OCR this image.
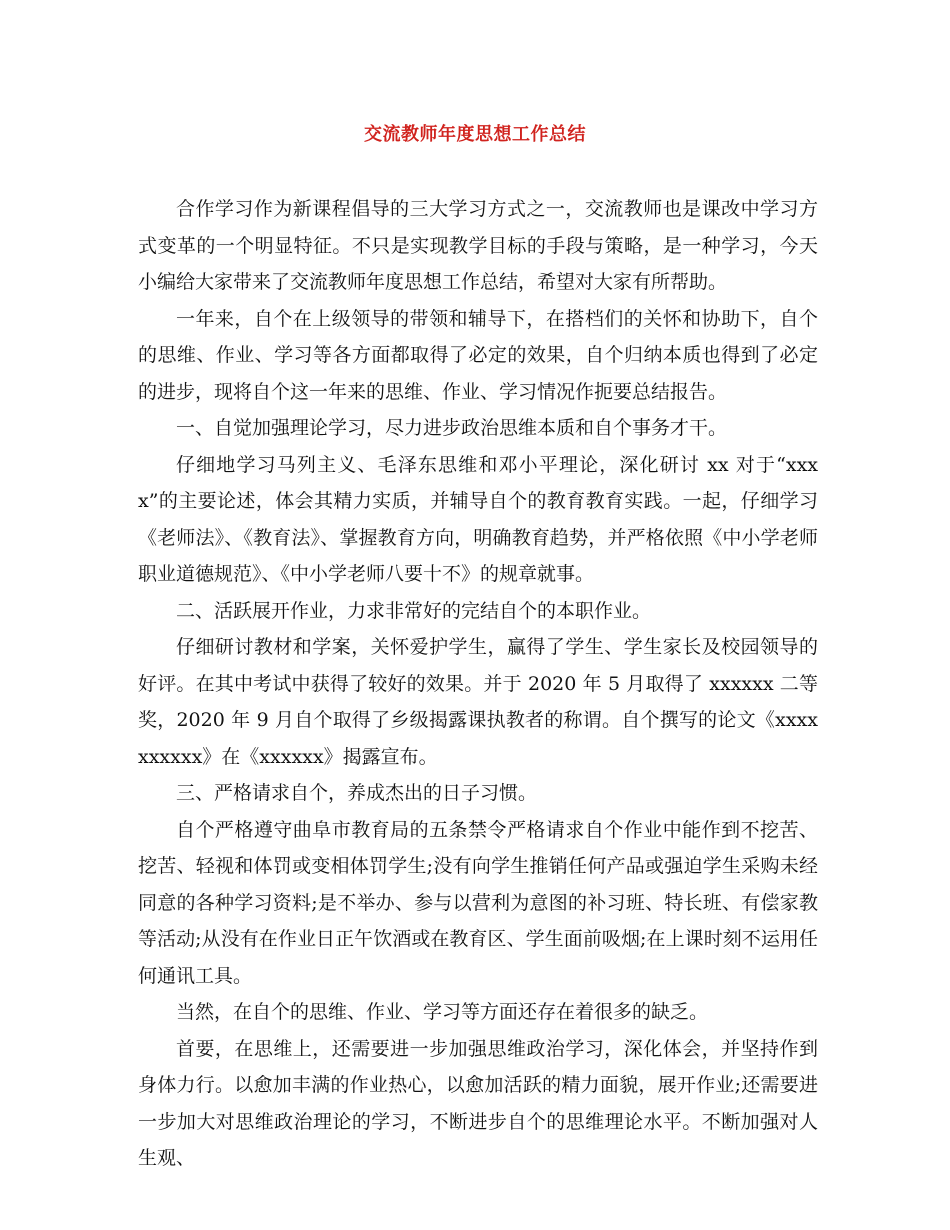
交流教师年度思想工作总结

合作学习作为新课程倡导的三大学习方式之一，交流教师也是课改中学习方式变革的一个明显特征。不只是实现教学目标的手段与策略，是一种学习，今天小编给大家带来了交流教师年度思想工作总结，希望对大家有所帮助。

一年来，自个在上级领导的带领和辅导下，在搭档们的关怀和协助下，自个的思维、作业、学习等各方面都取得了必定的效果，自个归纳本质也得到了必定的进步，现将自个这一年来的思维、作业、学习情况作扼要总结报告。

一、自觉加强理论学习，尽力进步政治思维本质和自个事务才干。

仔细地学习马列主义、毛泽东思维和邓小平理论，深化研讨 xx 对于“xxxx”的主要论述，体会其精力实质，并辅导自个的教育教育实践。一起，仔细学习《老师法》、《教育法》、掌握教育方向，明确教育趋势，并严格依照《中小学老师职业道德规范》、《中小学老师八要十不》的规章就事。

二、活跃展开作业，力求非常好的完结自个的本职作业。

仔细研讨教材和学案，关怀爱护学生，赢得了学生、学生家长及校园领导的好评。在其中考试中获得了较好的效果。并于 2020 年 5 月取得了 xxxxxx 二等奖，2020 年 9 月自个取得了乡级揭露课执教者的称谓。自个撰写的论文《xxxxxxxxxx》在《xxxxxx》揭露宣布。

三、严格请求自个，养成杰出的日子习惯。

自个严格遵守曲阜市教育局的五条禁令严格请求自个作业中能作到不挖苦、挖苦、轻视和体罚或变相体罚学生;没有向学生推销任何产品或强迫学生采购未经同意的各种学习资料;是不举办、参与以营利为意图的补习班、特长班、有偿家教等活动;从没有在作业日正午饮酒或在教育区、学生面前吸烟;在上课时刻不运用任何通讯工具。

当然，在自个的思维、作业、学习等方面还存在着很多的缺乏。

首要，在思维上，还需要进一步加强思维政治学习，深化体会，并坚持作到身体力行。以愈加丰满的作业热心，以愈加活跃的精力面貌，展开作业;还需要进一步加大对思维政治理论的学习，不断进步自个的思维理论水平。不断加强对人生观、
